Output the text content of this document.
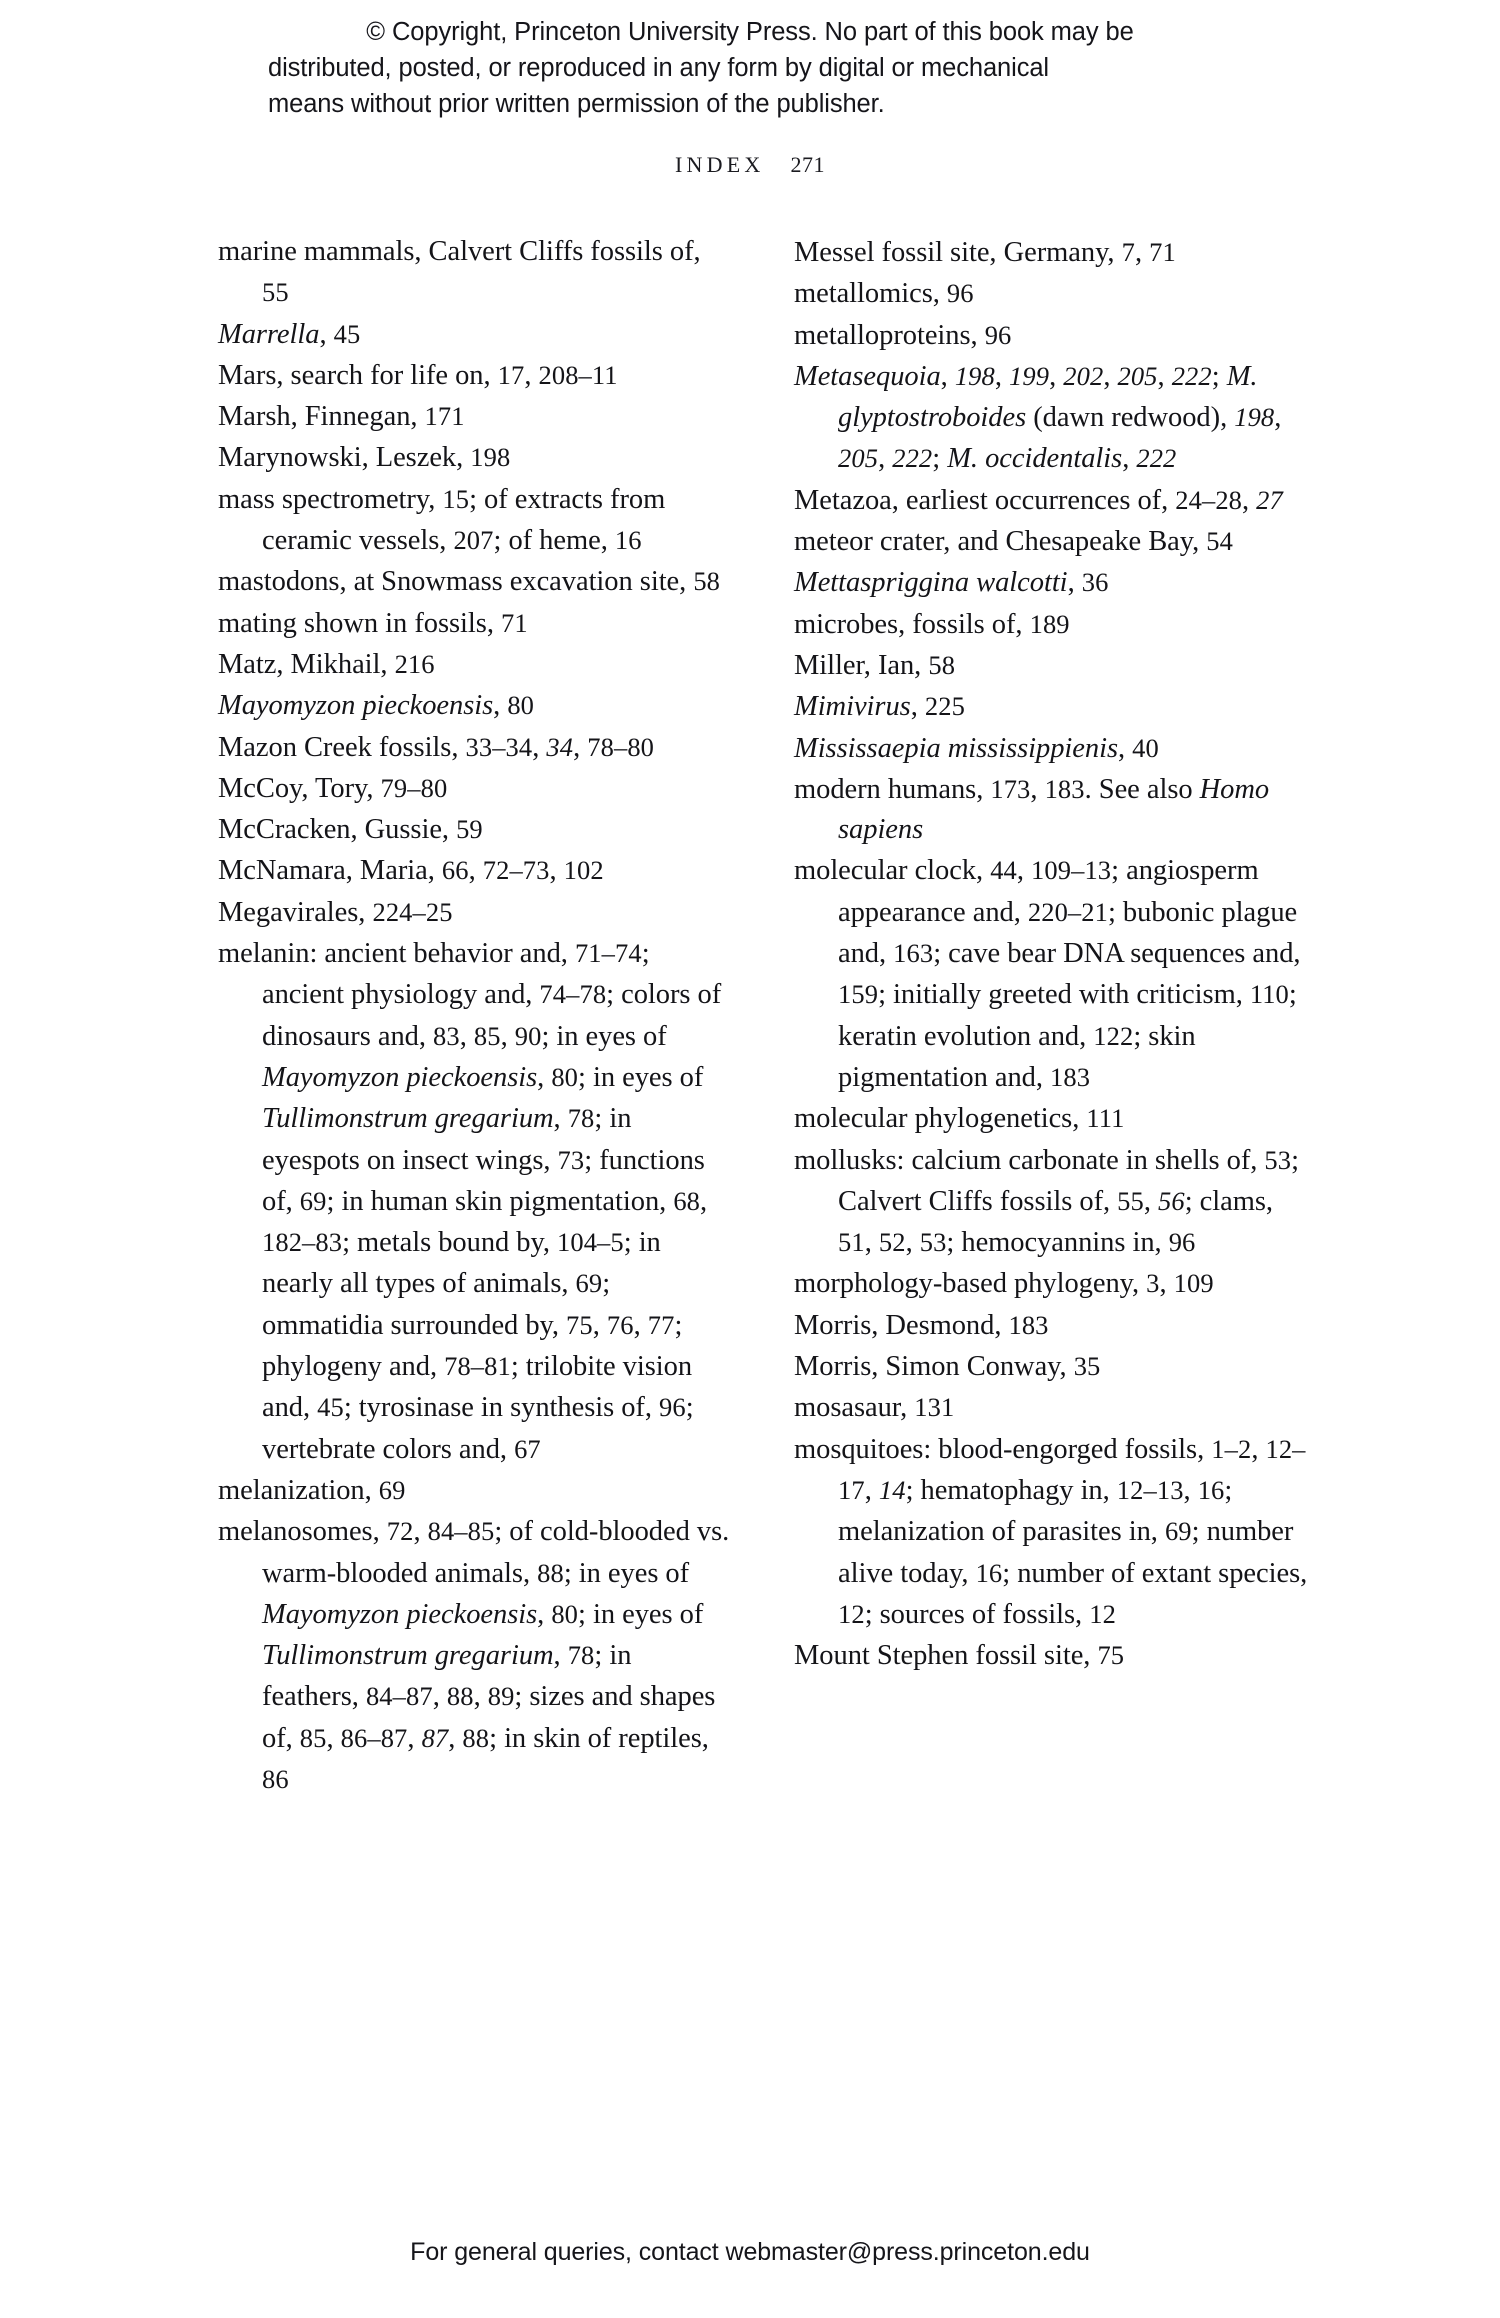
© Copyright, Princeton University Press. No part of this book may be
distributed, posted, or reproduced in any form by digital or mechanical
means without prior written permission of the publisher.
INDEX 271

marine mammals, Calvert Cliffs fossils of, 55

Marrella, 45

Mars, search for life on, 17, 208–11

Marsh, Finnegan, 171

Marynowski, Leszek, 198

mass spectrometry, 15; of extracts from ceramic vessels, 207; of heme, 16

mastodons, at Snowmass excavation site, 58

mating shown in fossils, 71

Matz, Mikhail, 216

Mayomyzon pieckoensis, 80

Mazon Creek fossils, 33–34, 34, 78–80

McCoy, Tory, 79–80

McCracken, Gussie, 59

McNamara, Maria, 66, 72–73, 102

Megavirales, 224–25

melanin: ancient behavior and, 71–74; ancient physiology and, 74–78; colors of dinosaurs and, 83, 85, 90; in eyes of Mayomyzon pieckoensis, 80; in eyes of Tullimonstrum gregarium, 78; in eyespots on insect wings, 73; functions of, 69; in human skin pigmentation, 68, 182–83; metals bound by, 104–5; in nearly all types of animals, 69; ommatidia surrounded by, 75, 76, 77; phylogeny and, 78–81; trilobite vision and, 45; tyrosinase in synthesis of, 96; vertebrate colors and, 67

melanization, 69

melanosomes, 72, 84–85; of cold-blooded vs. warm-blooded animals, 88; in eyes of Mayomyzon pieckoensis, 80; in eyes of Tullimonstrum gregarium, 78; in feathers, 84–87, 88, 89; sizes and shapes of, 85, 86–87, 87, 88; in skin of reptiles, 86

Messel fossil site, Germany, 7, 71

metallomics, 96

metalloproteins, 96

Metasequoia, 198, 199, 202, 205, 222; M. glyptostroboides (dawn redwood), 198, 205, 222; M. occidentalis, 222

Metazoa, earliest occurrences of, 24–28, 27

meteor crater, and Chesapeake Bay, 54

Mettaspriggina walcotti, 36

microbes, fossils of, 189

Miller, Ian, 58

Mimivirus, 225

Mississaepia mississippienis, 40

modern humans, 173, 183. See also Homo sapiens

molecular clock, 44, 109–13; angiosperm appearance and, 220–21; bubonic plague and, 163; cave bear DNA sequences and, 159; initially greeted with criticism, 110; keratin evolution and, 122; skin pigmentation and, 183

molecular phylogenetics, 111

mollusks: calcium carbonate in shells of, 53; Calvert Cliffs fossils of, 55, 56; clams, 51, 52, 53; hemocyannins in, 96

morphology-based phylogeny, 3, 109

Morris, Desmond, 183

Morris, Simon Conway, 35

mosasaur, 131

mosquitoes: blood-engorged fossils, 1–2, 12–17, 14; hematophagy in, 12–13, 16; melanization of parasites in, 69; number alive today, 16; number of extant species, 12; sources of fossils, 12

Mount Stephen fossil site, 75

For general queries, contact webmaster@press.princeton.edu
